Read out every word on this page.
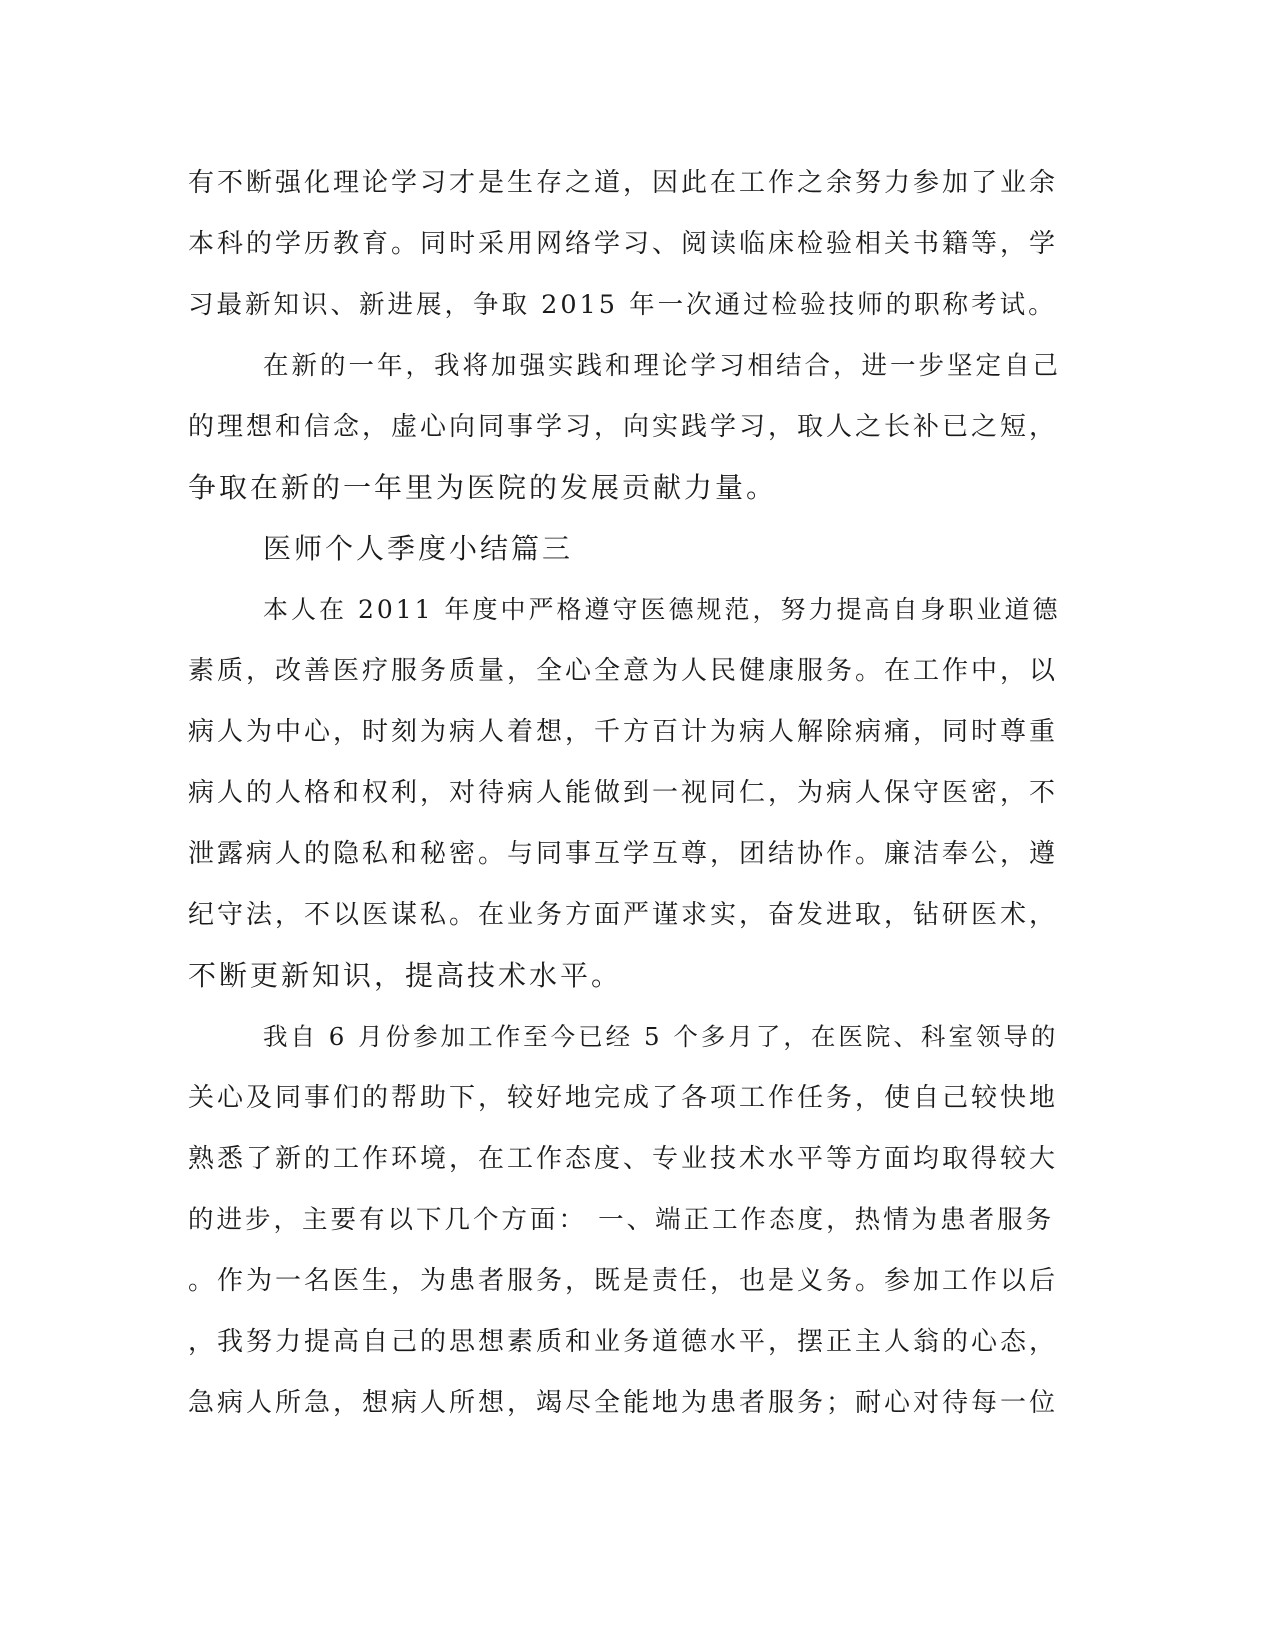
有不断强化理论学习才是生存之道，因此在工作之余努力参加了业余
本科的学历教育。同时采用网络学习、阅读临床检验相关书籍等，学
习最新知识、新进展，争取 2015 年一次通过检验技师的职称考试。
在新的一年，我将加强实践和理论学习相结合，进一步坚定自己
的理想和信念，虚心向同事学习，向实践学习，取人之长补已之短，
争取在新的一年里为医院的发展贡献力量。
医师个人季度小结篇三
本人在 2011 年度中严格遵守医德规范，努力提高自身职业道德
素质，改善医疗服务质量，全心全意为人民健康服务。在工作中，以
病人为中心，时刻为病人着想，千方百计为病人解除病痛，同时尊重
病人的人格和权利，对待病人能做到一视同仁，为病人保守医密，不
泄露病人的隐私和秘密。与同事互学互尊，团结协作。廉洁奉公，遵
纪守法，不以医谋私。在业务方面严谨求实，奋发进取，钻研医术，
不断更新知识，提高技术水平。
我自 6 月份参加工作至今已经 5 个多月了，在医院、科室领导的
关心及同事们的帮助下，较好地完成了各项工作任务，使自己较快地
熟悉了新的工作环境，在工作态度、专业技术水平等方面均取得较大
的进步，主要有以下几个方面： 一、端正工作态度，热情为患者服务
。作为一名医生，为患者服务，既是责任，也是义务。参加工作以后
，我努力提高自己的思想素质和业务道德水平，摆正主人翁的心态，
急病人所急，想病人所想，竭尽全能地为患者服务；耐心对待每一位
